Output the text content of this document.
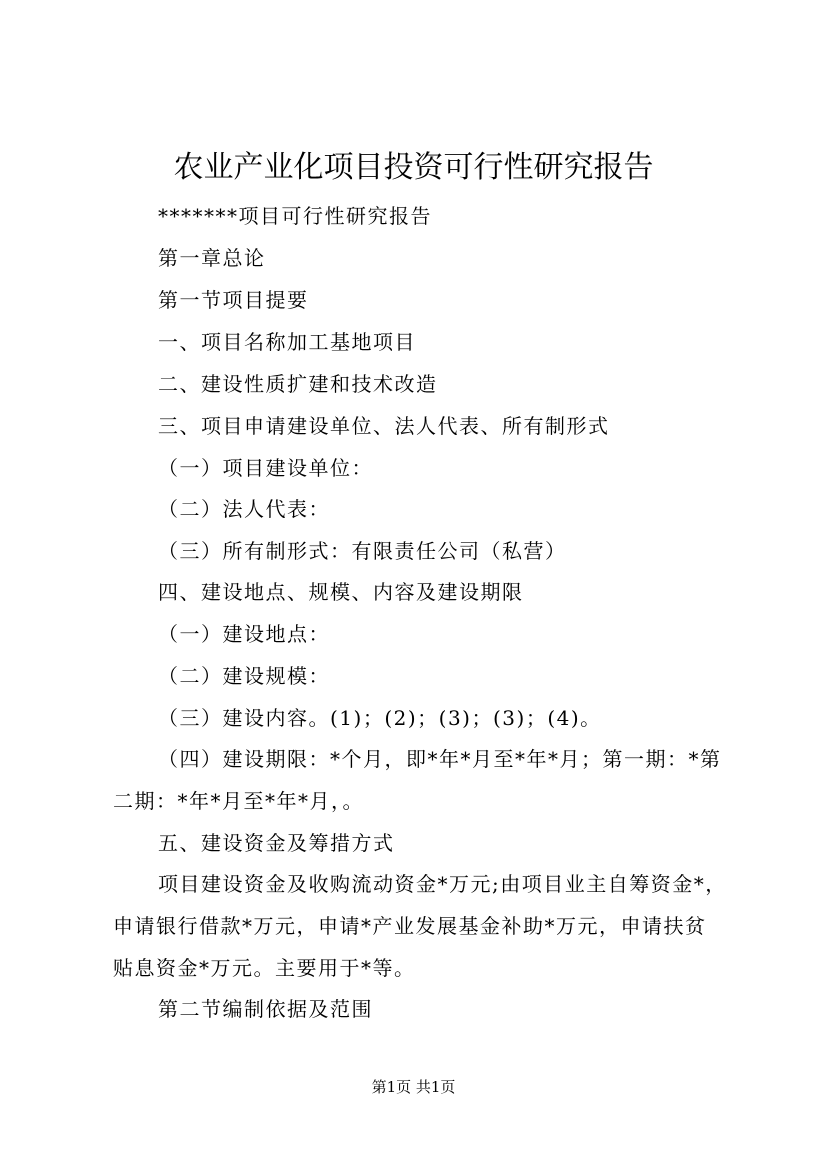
农业产业化项目投资可行性研究报告

*******项目可行性研究报告

第一章总论

第一节项目提要

一、项目名称加工基地项目

二、建设性质扩建和技术改造

三、项目申请建设单位、法人代表、所有制形式

（一）项目建设单位：

（二）法人代表：

（三）所有制形式：有限责任公司（私营）

四、建设地点、规模、内容及建设期限

（一）建设地点：

（二）建设规模：

（三）建设内容。(1)；(2)；(3)；(3)；(4)。

（四）建设期限：*个月，即*年*月至*年*月；第一期：*第

二期：*年*月至*年*月，。

五、建设资金及筹措方式

项目建设资金及收购流动资金*万元;由项目业主自筹资金*，

申请银行借款*万元，申请*产业发展基金补助*万元，申请扶贫

贴息资金*万元。主要用于*等。

第二节编制依据及范围

第1页 共1页
